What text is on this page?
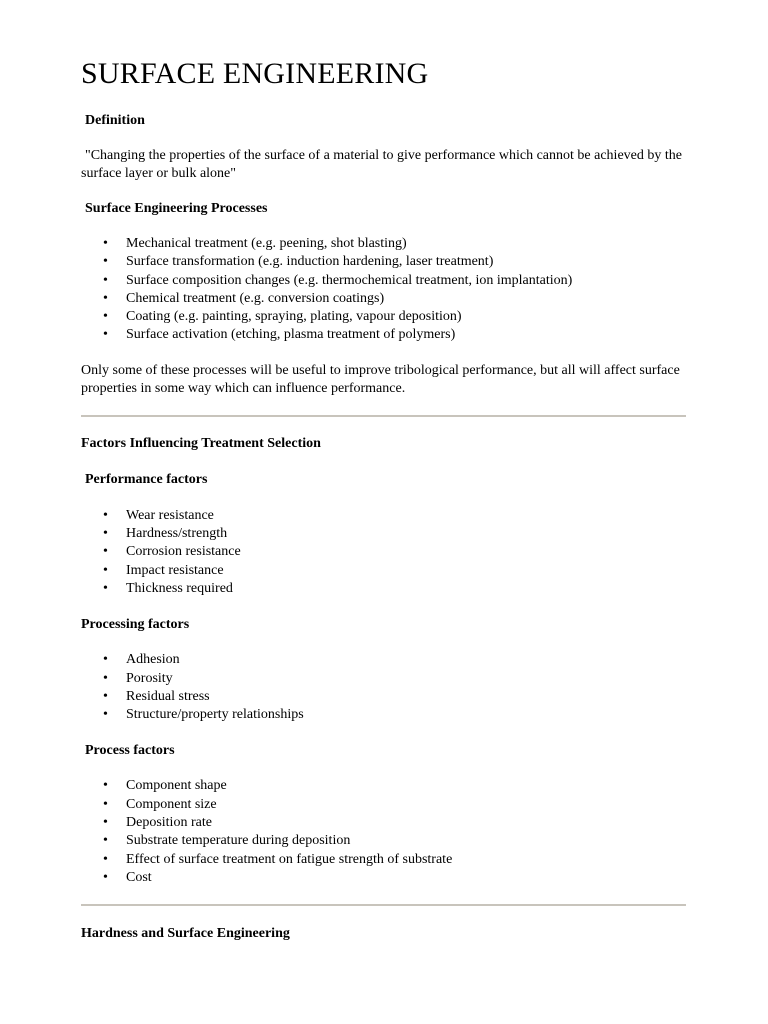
SURFACE ENGINEERING
Definition

"Changing the properties of the surface of a material to give performance which cannot be achieved by the surface layer or bulk alone"

Surface Engineering Processes
• Mechanical treatment (e.g. peening, shot blasting)
• Surface transformation (e.g. induction hardening, laser treatment)
• Surface composition changes (e.g. thermochemical treatment, ion implantation)
• Chemical treatment (e.g. conversion coatings)
• Coating (e.g. painting, spraying, plating, vapour deposition)
• Surface activation (etching, plasma treatment of polymers)

Only some of these processes will be useful to improve tribological performance, but all will affect surface properties in some way which can influence performance.

Factors Influencing Treatment Selection
Performance factors
• Wear resistance
• Hardness/strength
• Corrosion resistance
• Impact resistance
• Thickness required
Processing factors
• Adhesion
• Porosity
• Residual stress
• Structure/property relationships
Process factors
• Component shape
• Component size
• Deposition rate
• Substrate temperature during deposition
• Effect of surface treatment on fatigue strength of substrate
• Cost
Hardness and Surface Engineering
